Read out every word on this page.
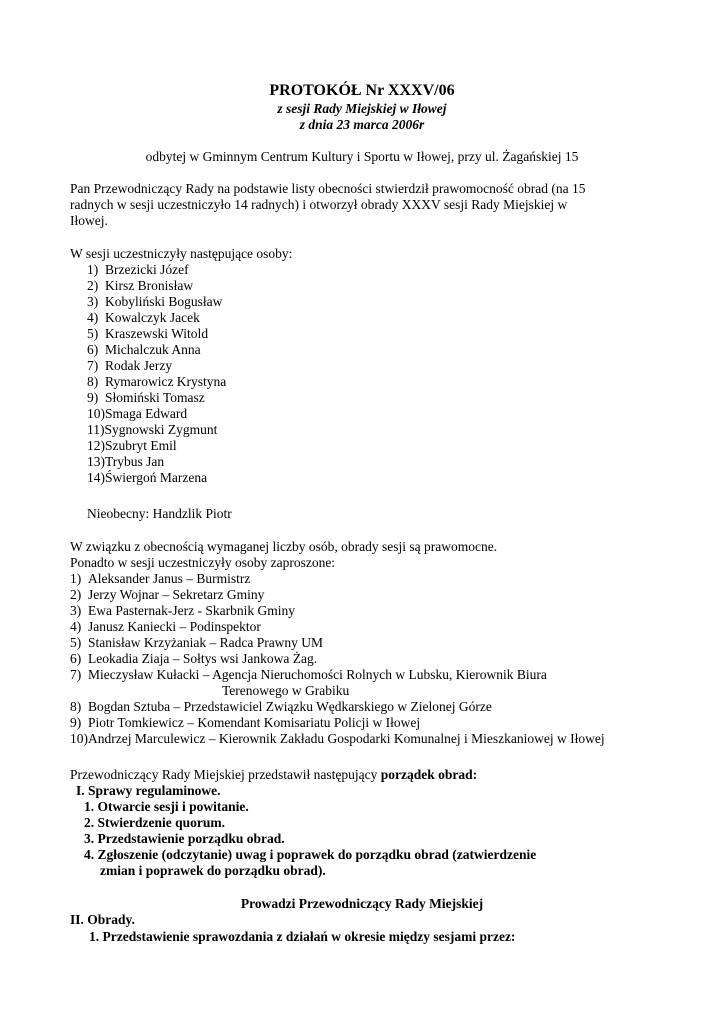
PROTOKÓŁ Nr XXXV/06
z sesji Rady Miejskiej w Iłowej
z dnia 23 marca 2006r
odbytej w Gminnym Centrum Kultury i Sportu w Iłowej, przy ul. Żagańskiej 15
Pan Przewodniczący Rady na podstawie listy obecności stwierdził prawomocność obrad (na 15
radnych w sesji uczestniczyło 14 radnych) i otworzył obrady XXXV sesji Rady Miejskiej w
Iłowej.
W sesji uczestniczyły następujące osoby:
1) Brzezicki Józef
2) Kirsz Bronisław
3) Kobyliński Bogusław
4) Kowalczyk Jacek
5) Kraszewski Witold
6) Michalczuk Anna
7) Rodak Jerzy
8) Rymarowicz Krystyna
9) Słomiński Tomasz
10)Smaga Edward
11)Sygnowski Zygmunt
12)Szubryt Emil
13)Trybus Jan
14)Świergoń Marzena
Nieobecny: Handzlik Piotr
W związku z obecnością wymaganej liczby osób, obrady sesji są prawomocne.
Ponadto w sesji uczestniczyły osoby zaproszone:
1) Aleksander Janus – Burmistrz
2) Jerzy Wojnar – Sekretarz Gminy
3) Ewa Pasternak-Jerz - Skarbnik Gminy
4) Janusz Kaniecki – Podinspektor
5) Stanisław Krzyżaniak – Radca Prawny UM
6) Leokadia Ziaja – Sołtys wsi Jankowa Żag.
7) Mieczysław Kułacki – Agencja Nieruchomości Rolnych w Lubsku, Kierownik Biura
Terenowego w Grabiku
8) Bogdan Sztuba – Przedstawiciel Związku Wędkarskiego w Zielonej Górze
9) Piotr Tomkiewicz – Komendant Komisariatu Policji w Iłowej
10)Andrzej Marculewicz – Kierownik Zakładu Gospodarki Komunalnej i Mieszkaniowej w Iłowej
Przewodniczący Rady Miejskiej przedstawił następujący porządek obrad:
I. Sprawy regulaminowe.
1. Otwarcie sesji i powitanie.
2. Stwierdzenie quorum.
3. Przedstawienie porządku obrad.
4. Zgłoszenie (odczytanie) uwag i poprawek do porządku obrad (zatwierdzenie
zmian i poprawek do porządku obrad).
Prowadzi Przewodniczący Rady Miejskiej
II. Obrady.
1. Przedstawienie sprawozdania z działań w okresie między sesjami przez:
